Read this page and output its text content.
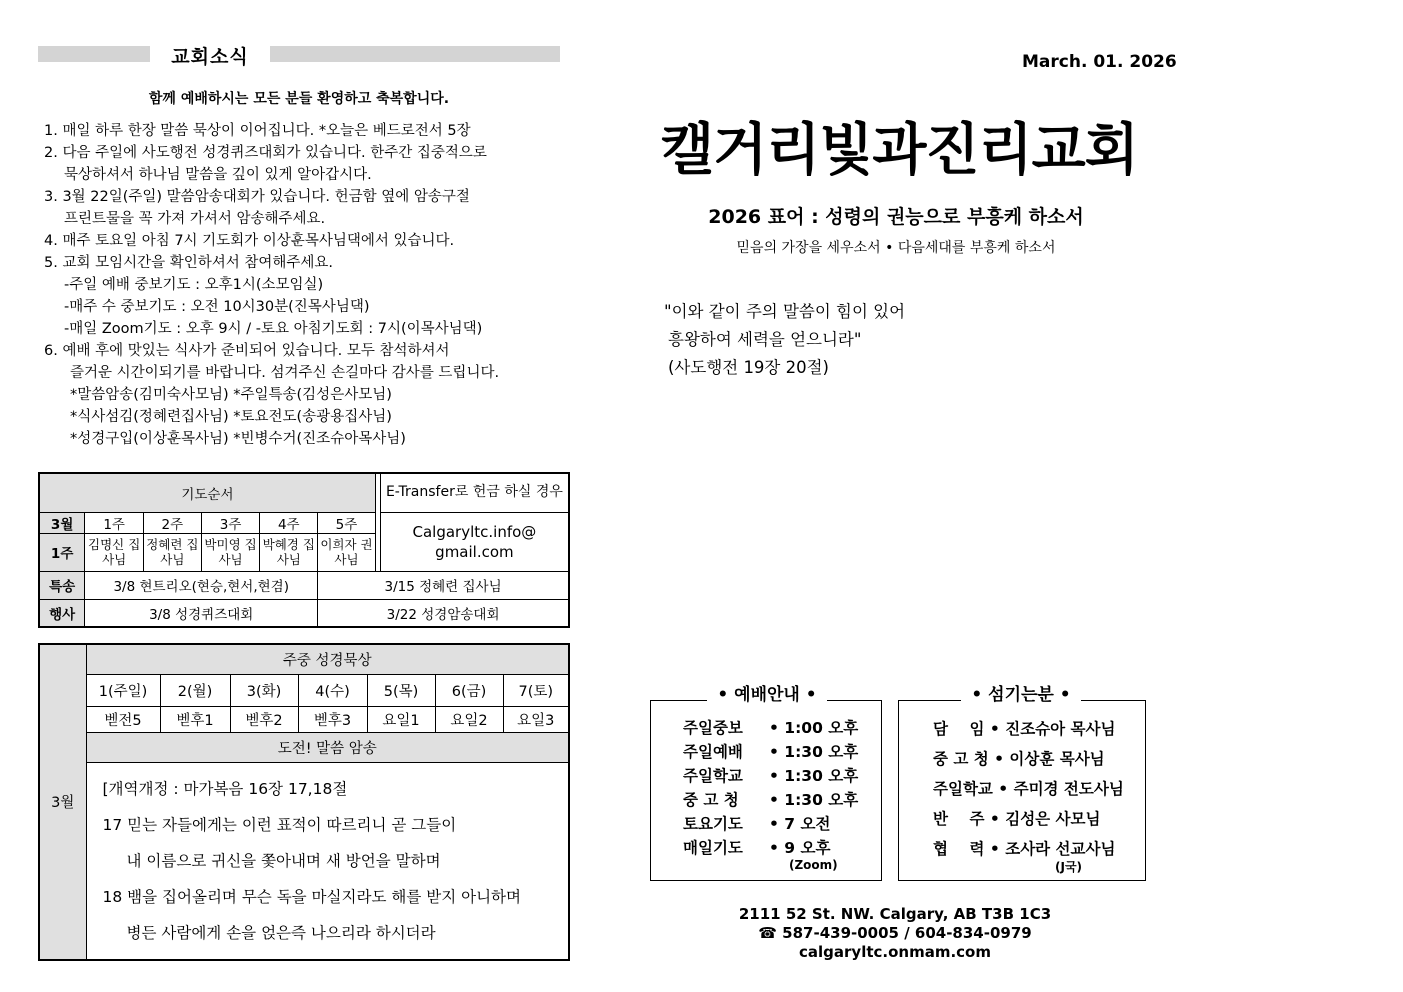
교회소식
함께 예배하시는 모든 분들 환영하고 축복합니다.
1. 매일 하루 한장 말씀 묵상이 이어집니다. *오늘은 베드로전서 5장
2. 다음 주일에 사도행전 성경퀴즈대회가 있습니다. 한주간 집중적으로
묵상하셔서 하나님 말씀을 깊이 있게 알아갑시다.
3. 3월 22일(주일) 말씀암송대회가 있습니다. 헌금함 옆에 암송구절
프린트물을 꼭 가져 가셔서 암송해주세요.
4. 매주 토요일 아침 7시 기도회가 이상훈목사님댁에서 있습니다.
5. 교회 모임시간을 확인하셔서 참여해주세요.
-주일 예배 중보기도 : 오후1시(소모임실)
-매주 수 중보기도 : 오전 10시30분(진목사님댁)
-매일 Zoom기도 : 오후 9시 / -토요 아침기도회 : 7시(이목사님댁)
6. 예배 후에 맛있는 식사가 준비되어 있습니다. 모두 참석하셔서
즐거운 시간이되기를 바랍니다. 섬겨주신 손길마다 감사를 드립니다.
*말씀암송(김미숙사모님) *주일특송(김성은사모님)
*식사섬김(정혜련집사님) *토요전도(송광용집사님)
*성경구입(이상훈목사님) *빈병수거(진조슈아목사님)
기도순서							E-Transfer로 헌금 하실 경우
3월	1주	2주	3주	4주	5주		Calgaryltc.info@ gmail.com
1주	김명신 집사님	정혜련 집사님	박미영 집사님	박혜경 집사님	이희자 권사님		
특송	3/8 현트리오(현승,현서,현겸)				3/15 정혜련 집사님		
행사	3/8 성경퀴즈대회				3/22 성경암송대회		
3월	주중 성경묵상						
	1(주일)	2(월)	3(화)	4(수)	5(목)	6(금)	7(토)
	벧전5	벧후1	벧후2	벧후3	요일1	요일2	요일3
	도전! 말씀 암송						

	[개역개정 : 마가복음 16장 17,18절
17 믿는 자들에게는 이런 표적이 따르리니 곧 그들이
내 이름으로 귀신을 쫓아내며 새 방언을 말하며
18 뱀을 집어올리며 무슨 독을 마실지라도 해를 받지 아니하며
병든 사람에게 손을 얹은즉 나으리라 하시더라						
March. 01. 2026
캘거리빛과진리교회
2026 표어 : 성령의 권능으로 부흥케 하소서
믿음의 가장을 세우소서 • 다음세대를 부흥케 하소서
"이와 같이 주의 말씀이 힘이 있어
흥왕하여 세력을 얻으니라"
(사도행전 19장 20절)
• 예배안내 •
주일중보	• 1:00 오후
주일예배	• 1:30 오후
주일학교	• 1:30 오후
중 고 청	• 1:30 오후
토요기도	• 7 오전
매일기도	• 9 오후
(Zoom)
• 섬기는분 •
담    임 • 진조슈아 목사님
중 고 청 • 이상훈 목사님
주일학교 • 주미경 전도사님
반    주 • 김성은 사모님
협    력 • 조사라 선교사님
(J국)
2111 52 St. NW. Calgary, AB T3B 1C3
☎ 587-439-0005 / 604-834-0979
calgaryltc.onmam.com
